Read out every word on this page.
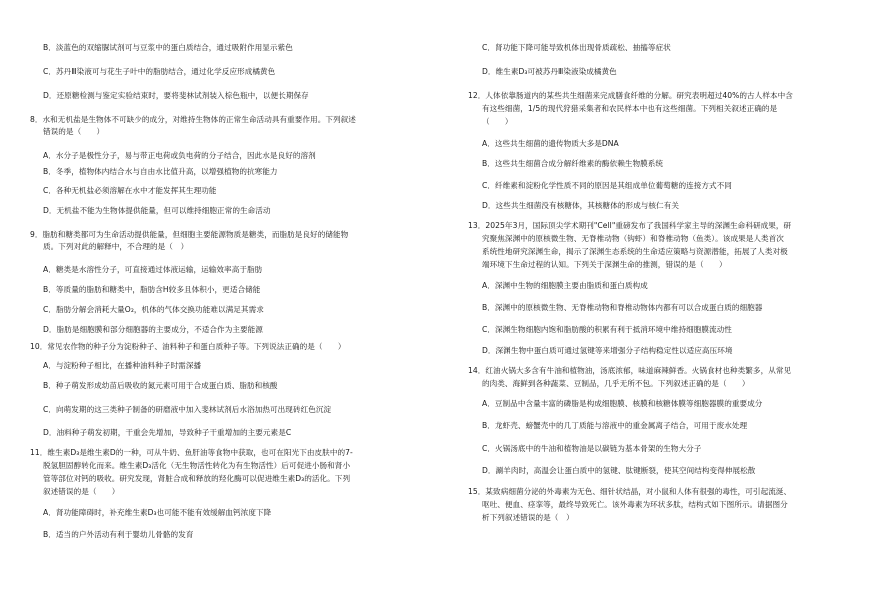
B．淡蓝色的双缩脲试剂可与豆浆中的蛋白质结合，通过吸附作用显示紫色
C．苏丹Ⅲ染液可与花生子叶中的脂肪结合，通过化学反应形成橘黄色
D．还原糖检测与鉴定实验结束时，要将斐林试剂装入棕色瓶中，以便长期保存
8．水和无机盐是生物体不可缺少的成分，对维持生物体的正常生命活动具有重要作用。下列叙述
错误的是（　　）
A．水分子是极性分子，易与带正电荷或负电荷的分子结合，因此水是良好的溶剂
B．冬季，植物体内结合水与自由水比值升高，以增强植物的抗寒能力
C．各种无机盐必须溶解在水中才能发挥其生理功能
D．无机盐不能为生物体提供能量，但可以维持细胞正常的生命活动
9．脂肪和糖类都可为生命活动提供能量，但细胞主要能源物质是糖类，而脂肪是良好的储能物
质。下列对此的解释中，不合理的是（　）
A．糖类是水溶性分子，可直接通过体液运输，运输效率高于脂肪
B．等质量的脂肪和糖类中，脂肪含H较多且体积小，更适合储能
C．脂肪分解会消耗大量O₂，机体的气体交换功能难以满足其需求
D．脂肪是细胞膜和部分细胞器的主要成分，不适合作为主要能源
10．常见农作物的种子分为淀粉种子、油料种子和蛋白质种子等。下列说法正确的是（　　）
A．与淀粉种子相比，在播种油料种子时需深播
B．种子萌发形成幼苗后吸收的氮元素可用于合成蛋白质、脂肪和核酸
C．向萌发期的这三类种子制备的研磨液中加入斐林试剂后水浴加热可出现砖红色沉淀
D．油料种子萌发初期，干重会先增加，导致种子干重增加的主要元素是C
11．维生素D₃是维生素D的一种，可从牛奶、鱼肝油等食物中获取，也可在阳光下由皮肤中的7-
脱氢胆固醇转化而来。维生素D₃活化（无生物活性转化为有生物活性）后可促进小肠和肾小
管等部位对钙的吸收。研究发现，肾脏合成和释放的羟化酶可以促进维生素D₃的活化。下列
叙述错误的是（　　）
A．肾功能障碍时，补充维生素D₃也可能不能有效缓解血钙浓度下降
B．适当的户外活动有利于婴幼儿骨骼的发育
C．肾功能下降可能导致机体出现骨质疏松、抽搐等症状
D．维生素D₃可被苏丹Ⅲ染液染成橘黄色
12．人体依靠肠道内的某些共生细菌来完成膳食纤维的分解。研究表明超过40%的古人样本中含
有这些细菌，1/5的现代狩猎采集者和农民样本中也有这些细菌。下列相关叙述正确的是
（　　）
A．这些共生细菌的遗传物质大多是DNA
B．这些共生细菌合成分解纤维素的酶依赖生物膜系统
C．纤维素和淀粉化学性质不同的原因是其组成单位葡萄糖的连接方式不同
D．这些共生细菌没有核糖体，其核糖体的形成与核仁有关
13．2025年3月，国际顶尖学术期刊"Cell"重磅发布了我国科学家主导的深渊生命科研成果，研
究聚焦深渊中的原核微生物、无脊椎动物（钩虾）和脊椎动物（鱼类）。该成果是人类首次
系统性地研究深渊生命，揭示了深渊生态系统的生命适应策略与资源潜能，拓展了人类对极
端环境下生命过程的认知。下列关于深渊生命的推测，错误的是（　　）
A．深渊中生物的细胞膜主要由脂质和蛋白质构成
B．深渊中的原核微生物、无脊椎动物和脊椎动物体内都有可以合成蛋白质的细胞器
C．深渊生物细胞内饱和脂肪酸的积累有利于抵消环境中维持细胞膜流动性
D．深渊生物中蛋白质可通过氢键等来增强分子结构稳定性以适应高压环境
14．红油火锅大多含有牛油和植物油，汤底浓郁，味道麻辣鲜香。火锅食材也种类繁多，从常见
的肉类、海鲜到各种蔬菜、豆制品，几乎无所不包。下列叙述正确的是（　　）
A．豆制品中含量丰富的磷脂是构成细胞膜、核膜和核糖体膜等细胞器膜的重要成分
B．龙虾壳、螃蟹壳中的几丁质能与溶液中的重金属离子结合，可用于废水处理
C．火锅汤底中的牛油和植物油是以碳链为基本骨架的生物大分子
D．涮羊肉时，高温会让蛋白质中的氢键、肽键断裂，使其空间结构变得伸展松散
15．某致病细菌分泌的外毒素为无色、细针状结晶，对小鼠和人体有很强的毒性，可引起流涎、
呕吐、便血、痉挛等，最终导致死亡。该外毒素为环状多肽，结构式如下图所示。请据图分
析下列叙述错误的是（　）
